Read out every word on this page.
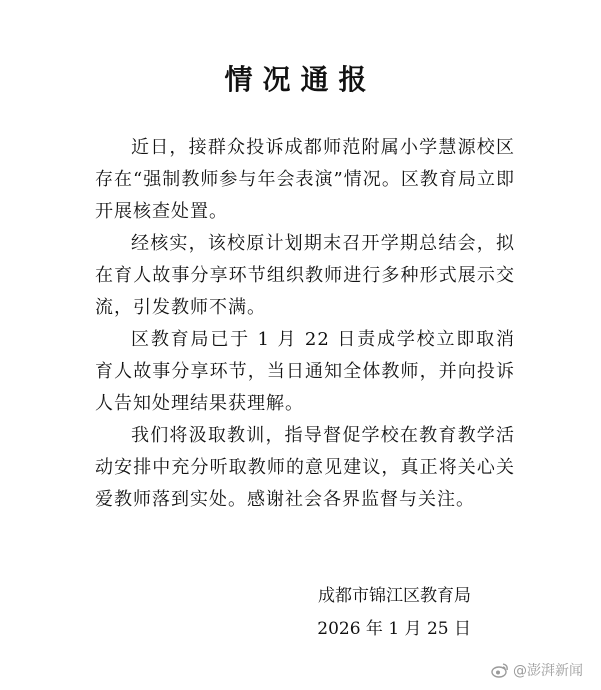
情况通报

近日，接群众投诉成都师范附属小学慧源校区存在“强制教师参与年会表演”情况。区教育局立即开展核查处置。

经核实，该校原计划期末召开学期总结会，拟在育人故事分享环节组织教师进行多种形式展示交流，引发教师不满。

区教育局已于 1 月 22 日责成学校立即取消育人故事分享环节，当日通知全体教师，并向投诉人告知处理结果获理解。

我们将汲取教训，指导督促学校在教育教学活动安排中充分听取教师的意见建议，真正将关心关爱教师落到实处。感谢社会各界监督与关注。

成都市锦江区教育局
2026 年 1 月 25 日
@澎湃新闻
